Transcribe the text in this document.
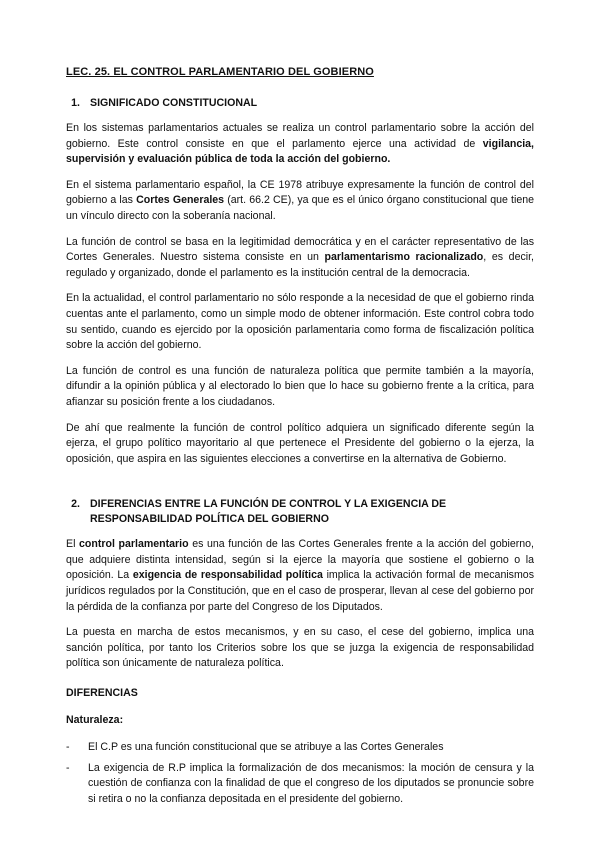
LEC. 25. EL CONTROL PARLAMENTARIO DEL GOBIERNO
1. SIGNIFICADO CONSTITUCIONAL

En los sistemas parlamentarios actuales se realiza un control parlamentario sobre la acción del gobierno. Este control consiste en que el parlamento ejerce una actividad de vigilancia, supervisión y evaluación pública de toda la acción del gobierno.

En el sistema parlamentario español, la CE 1978 atribuye expresamente la función de control del gobierno a las Cortes Generales (art. 66.2 CE), ya que es el único órgano constitucional que tiene un vínculo directo con la soberanía nacional.

La función de control se basa en la legitimidad democrática y en el carácter representativo de las Cortes Generales. Nuestro sistema consiste en un parlamentarismo racionalizado, es decir, regulado y organizado, donde el parlamento es la institución central de la democracia.

En la actualidad, el control parlamentario no sólo responde a la necesidad de que el gobierno rinda cuentas ante el parlamento, como un simple modo de obtener información. Este control cobra todo su sentido, cuando es ejercido por la oposición parlamentaria como forma de fiscalización política sobre la acción del gobierno.

La función de control es una función de naturaleza política que permite también a la mayoría, difundir a la opinión pública y al electorado lo bien que lo hace su gobierno frente a la crítica, para afianzar su posición frente a los ciudadanos.

De ahí que realmente la función de control político adquiera un significado diferente según la ejerza, el grupo político mayoritario al que pertenece el Presidente del gobierno o la ejerza, la oposición, que aspira en las siguientes elecciones a convertirse en la alternativa de Gobierno.

2. DIFERENCIAS ENTRE LA FUNCIÓN DE CONTROL Y LA EXIGENCIA DE RESPONSABILIDAD POLÍTICA DEL GOBIERNO

El control parlamentario es una función de las Cortes Generales frente a la acción del gobierno, que adquiere distinta intensidad, según si la ejerce la mayoría que sostiene el gobierno o la oposición. La exigencia de responsabilidad política implica la activación formal de mecanismos jurídicos regulados por la Constitución, que en el caso de prosperar, llevan al cese del gobierno por la pérdida de la confianza por parte del Congreso de los Diputados.

La puesta en marcha de estos mecanismos, y en su caso, el cese del gobierno, implica una sanción política, por tanto los Criterios sobre los que se juzga la exigencia de responsabilidad política son únicamente de naturaleza política.

DIFERENCIAS
Naturaleza:
-	El C.P es una función constitucional que se atribuye a las Cortes Generales
-	La exigencia de R.P implica la formalización de dos mecanismos: la moción de censura y la cuestión de confianza con la finalidad de que el congreso de los diputados se pronuncie sobre si retira o no la confianza depositada en el presidente del gobierno.
